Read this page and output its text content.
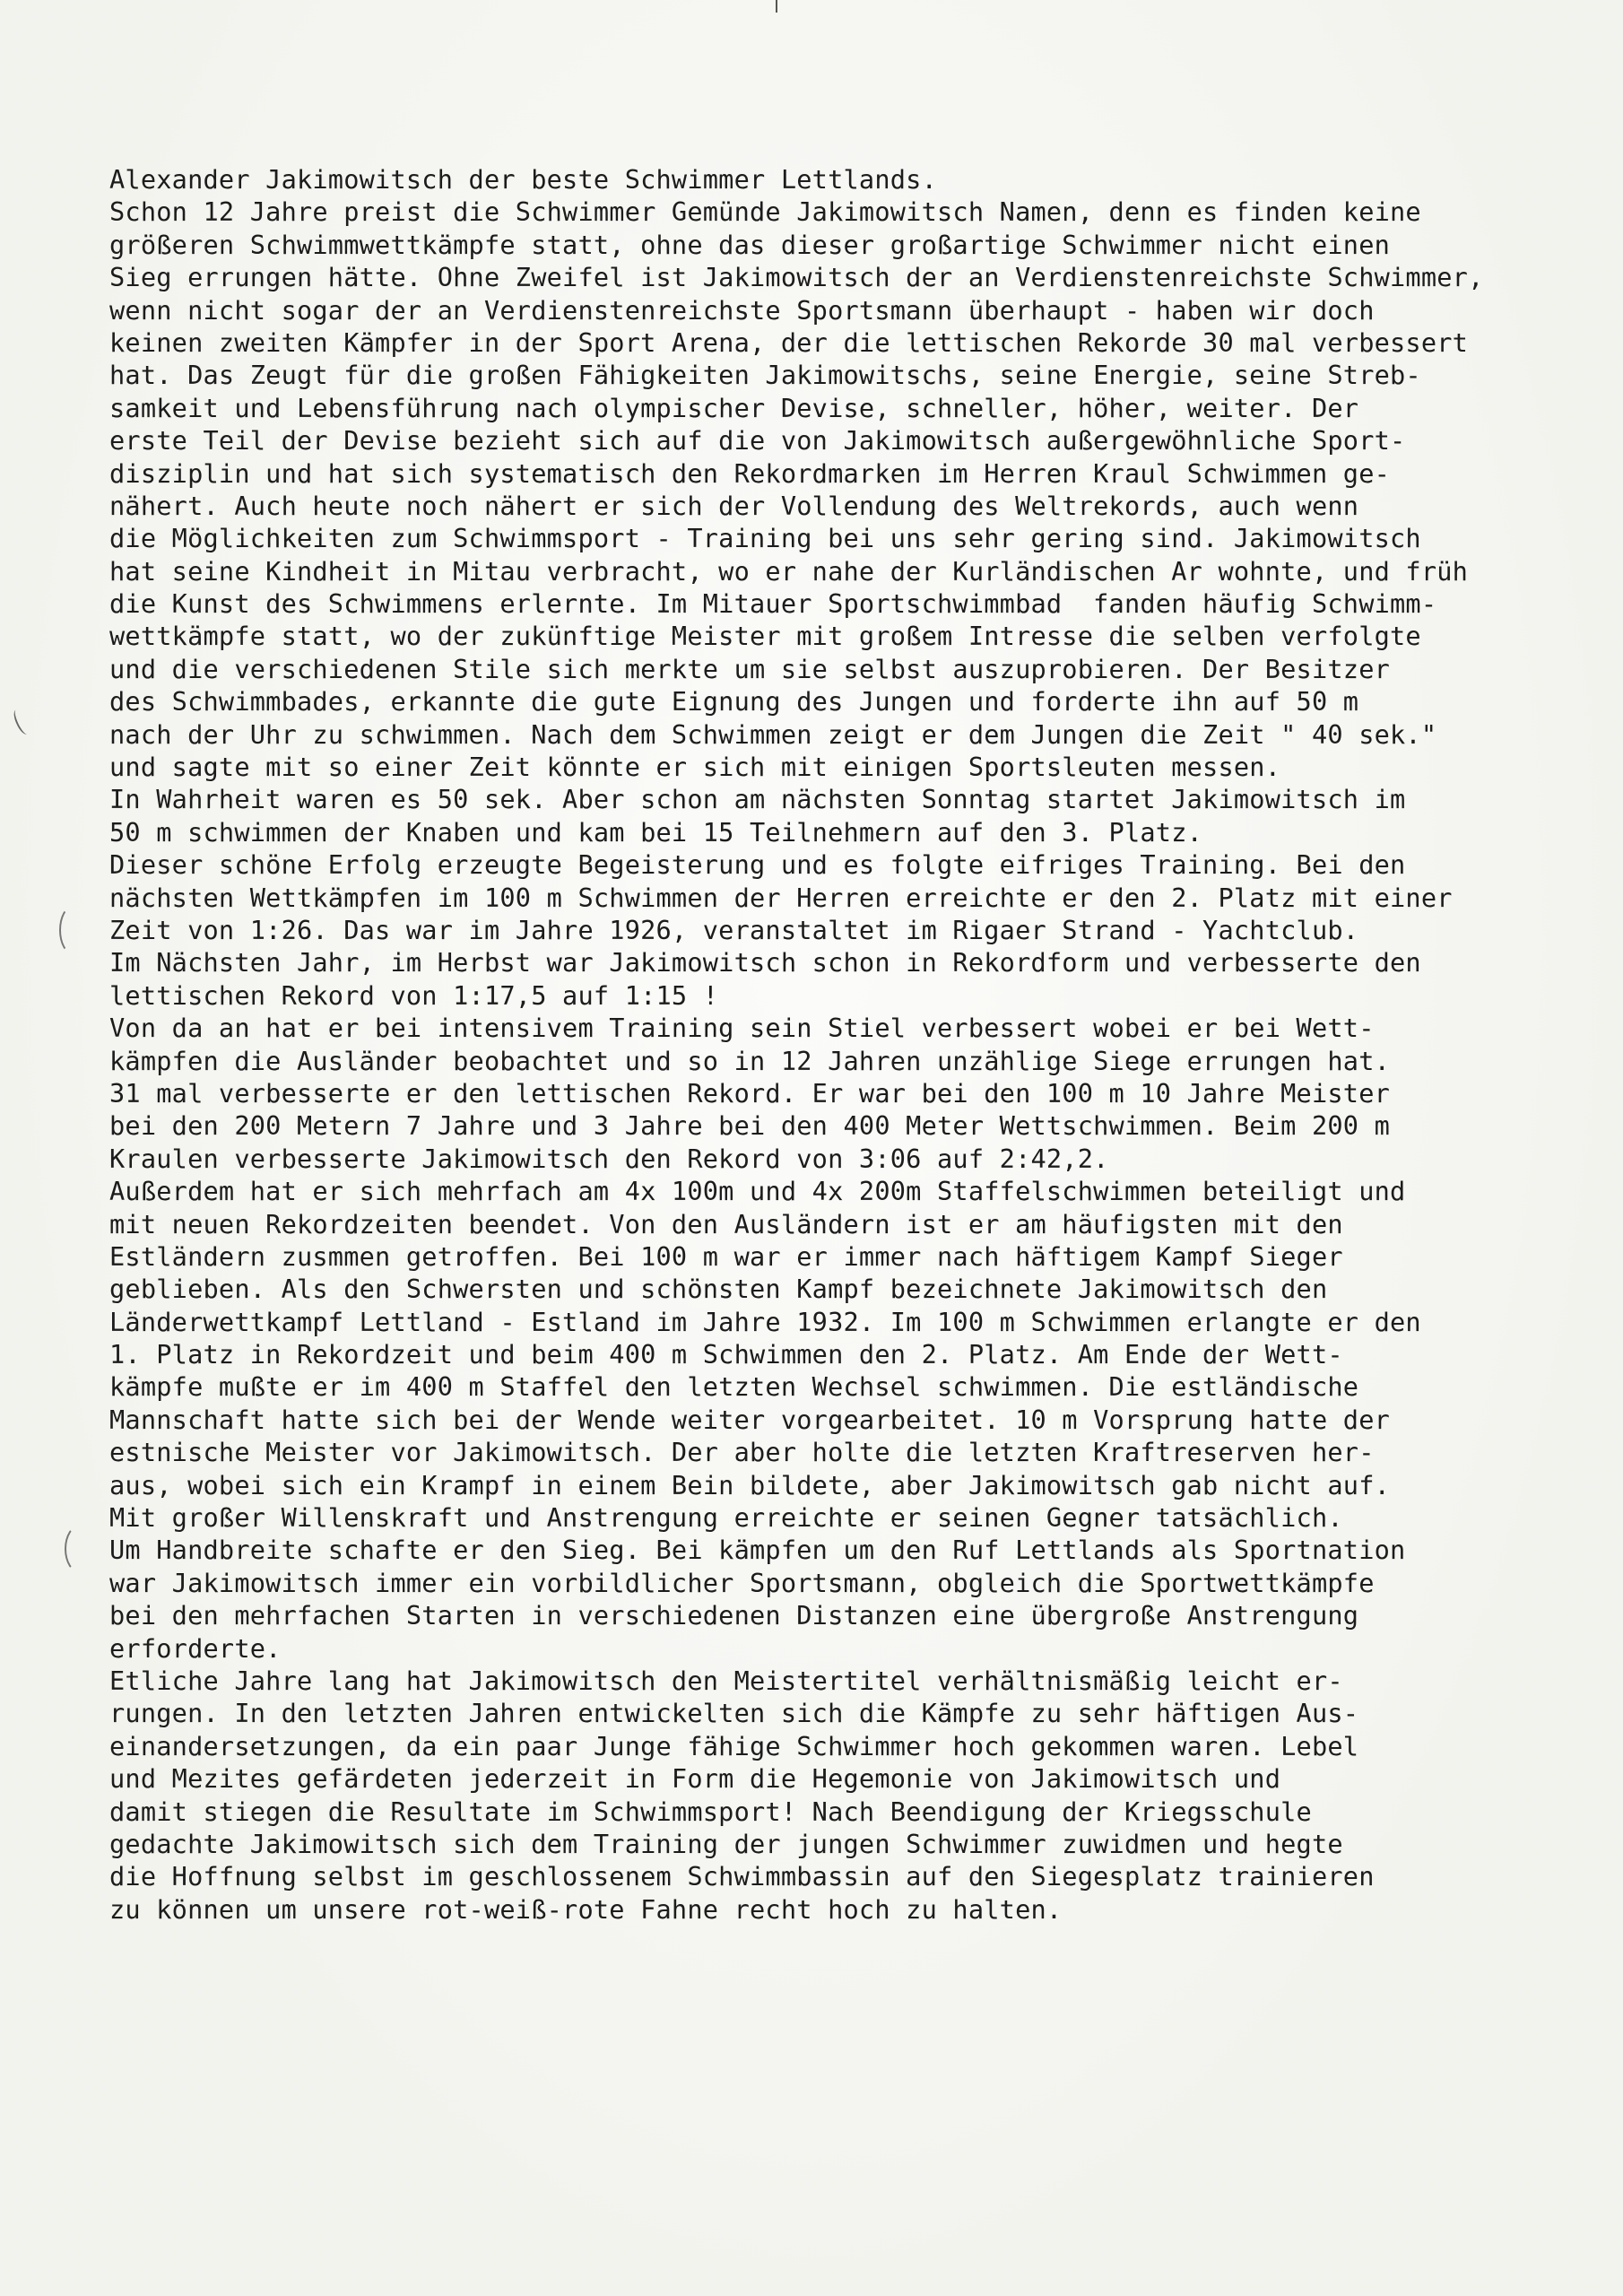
Alexander Jakimowitsch der beste Schwimmer Lettlands.
Schon 12 Jahre preist die Schwimmer Gemünde Jakimowitsch Namen, denn es finden keine
größeren Schwimmwettkämpfe statt, ohne das dieser großartige Schwimmer nicht einen
Sieg errungen hätte. Ohne Zweifel ist Jakimowitsch der an Verdienstenreichste Schwimmer,
wenn nicht sogar der an Verdienstenreichste Sportsmann überhaupt - haben wir doch
keinen zweiten Kämpfer in der Sport Arena, der die lettischen Rekorde 30 mal verbessert
hat. Das Zeugt für die großen Fähigkeiten Jakimowitschs, seine Energie, seine Streb-
samkeit und Lebensführung nach olympischer Devise, schneller, höher, weiter. Der
erste Teil der Devise bezieht sich auf die von Jakimowitsch außergewöhnliche Sport-
disziplin und hat sich systematisch den Rekordmarken im Herren Kraul Schwimmen ge-
nähert. Auch heute noch nähert er sich der Vollendung des Weltrekords, auch wenn
die Möglichkeiten zum Schwimmsport - Training bei uns sehr gering sind. Jakimowitsch
hat seine Kindheit in Mitau verbracht, wo er nahe der Kurländischen Ar wohnte, und früh
die Kunst des Schwimmens erlernte. Im Mitauer Sportschwimmbad  fanden häufig Schwimm-
wettkämpfe statt, wo der zukünftige Meister mit großem Intresse die selben verfolgte
und die verschiedenen Stile sich merkte um sie selbst auszuprobieren. Der Besitzer
des Schwimmbades, erkannte die gute Eignung des Jungen und forderte ihn auf 50 m
nach der Uhr zu schwimmen. Nach dem Schwimmen zeigt er dem Jungen die Zeit " 40 sek."
und sagte mit so einer Zeit könnte er sich mit einigen Sportsleuten messen.
In Wahrheit waren es 50 sek. Aber schon am nächsten Sonntag startet Jakimowitsch im
50 m schwimmen der Knaben und kam bei 15 Teilnehmern auf den 3. Platz.
Dieser schöne Erfolg erzeugte Begeisterung und es folgte eifriges Training. Bei den
nächsten Wettkämpfen im 100 m Schwimmen der Herren erreichte er den 2. Platz mit einer
Zeit von 1:26. Das war im Jahre 1926, veranstaltet im Rigaer Strand - Yachtclub.
Im Nächsten Jahr, im Herbst war Jakimowitsch schon in Rekordform und verbesserte den
lettischen Rekord von 1:17,5 auf 1:15 !
Von da an hat er bei intensivem Training sein Stiel verbessert wobei er bei Wett-
kämpfen die Ausländer beobachtet und so in 12 Jahren unzählige Siege errungen hat.
31 mal verbesserte er den lettischen Rekord. Er war bei den 100 m 10 Jahre Meister
bei den 200 Metern 7 Jahre und 3 Jahre bei den 400 Meter Wettschwimmen. Beim 200 m
Kraulen verbesserte Jakimowitsch den Rekord von 3:06 auf 2:42,2.
Außerdem hat er sich mehrfach am 4x 100m und 4x 200m Staffelschwimmen beteiligt und
mit neuen Rekordzeiten beendet. Von den Ausländern ist er am häufigsten mit den
Estländern zusmmen getroffen. Bei 100 m war er immer nach häftigem Kampf Sieger
geblieben. Als den Schwersten und schönsten Kampf bezeichnete Jakimowitsch den
Länderwettkampf Lettland - Estland im Jahre 1932. Im 100 m Schwimmen erlangte er den
1. Platz in Rekordzeit und beim 400 m Schwimmen den 2. Platz. Am Ende der Wett-
kämpfe mußte er im 400 m Staffel den letzten Wechsel schwimmen. Die estländische
Mannschaft hatte sich bei der Wende weiter vorgearbeitet. 10 m Vorsprung hatte der
estnische Meister vor Jakimowitsch. Der aber holte die letzten Kraftreserven her-
aus, wobei sich ein Krampf in einem Bein bildete, aber Jakimowitsch gab nicht auf.
Mit großer Willenskraft und Anstrengung erreichte er seinen Gegner tatsächlich.
Um Handbreite schafte er den Sieg. Bei kämpfen um den Ruf Lettlands als Sportnation
war Jakimowitsch immer ein vorbildlicher Sportsmann, obgleich die Sportwettkämpfe
bei den mehrfachen Starten in verschiedenen Distanzen eine übergroße Anstrengung
erforderte.
Etliche Jahre lang hat Jakimowitsch den Meistertitel verhältnismäßig leicht er-
rungen. In den letzten Jahren entwickelten sich die Kämpfe zu sehr häftigen Aus-
einandersetzungen, da ein paar Junge fähige Schwimmer hoch gekommen waren. Lebel
und Mezites gefärdeten jederzeit in Form die Hegemonie von Jakimowitsch und
damit stiegen die Resultate im Schwimmsport! Nach Beendigung der Kriegsschule
gedachte Jakimowitsch sich dem Training der jungen Schwimmer zuwidmen und hegte
die Hoffnung selbst im geschlossenem Schwimmbassin auf den Siegesplatz trainieren
zu können um unsere rot-weiß-rote Fahne recht hoch zu halten.
